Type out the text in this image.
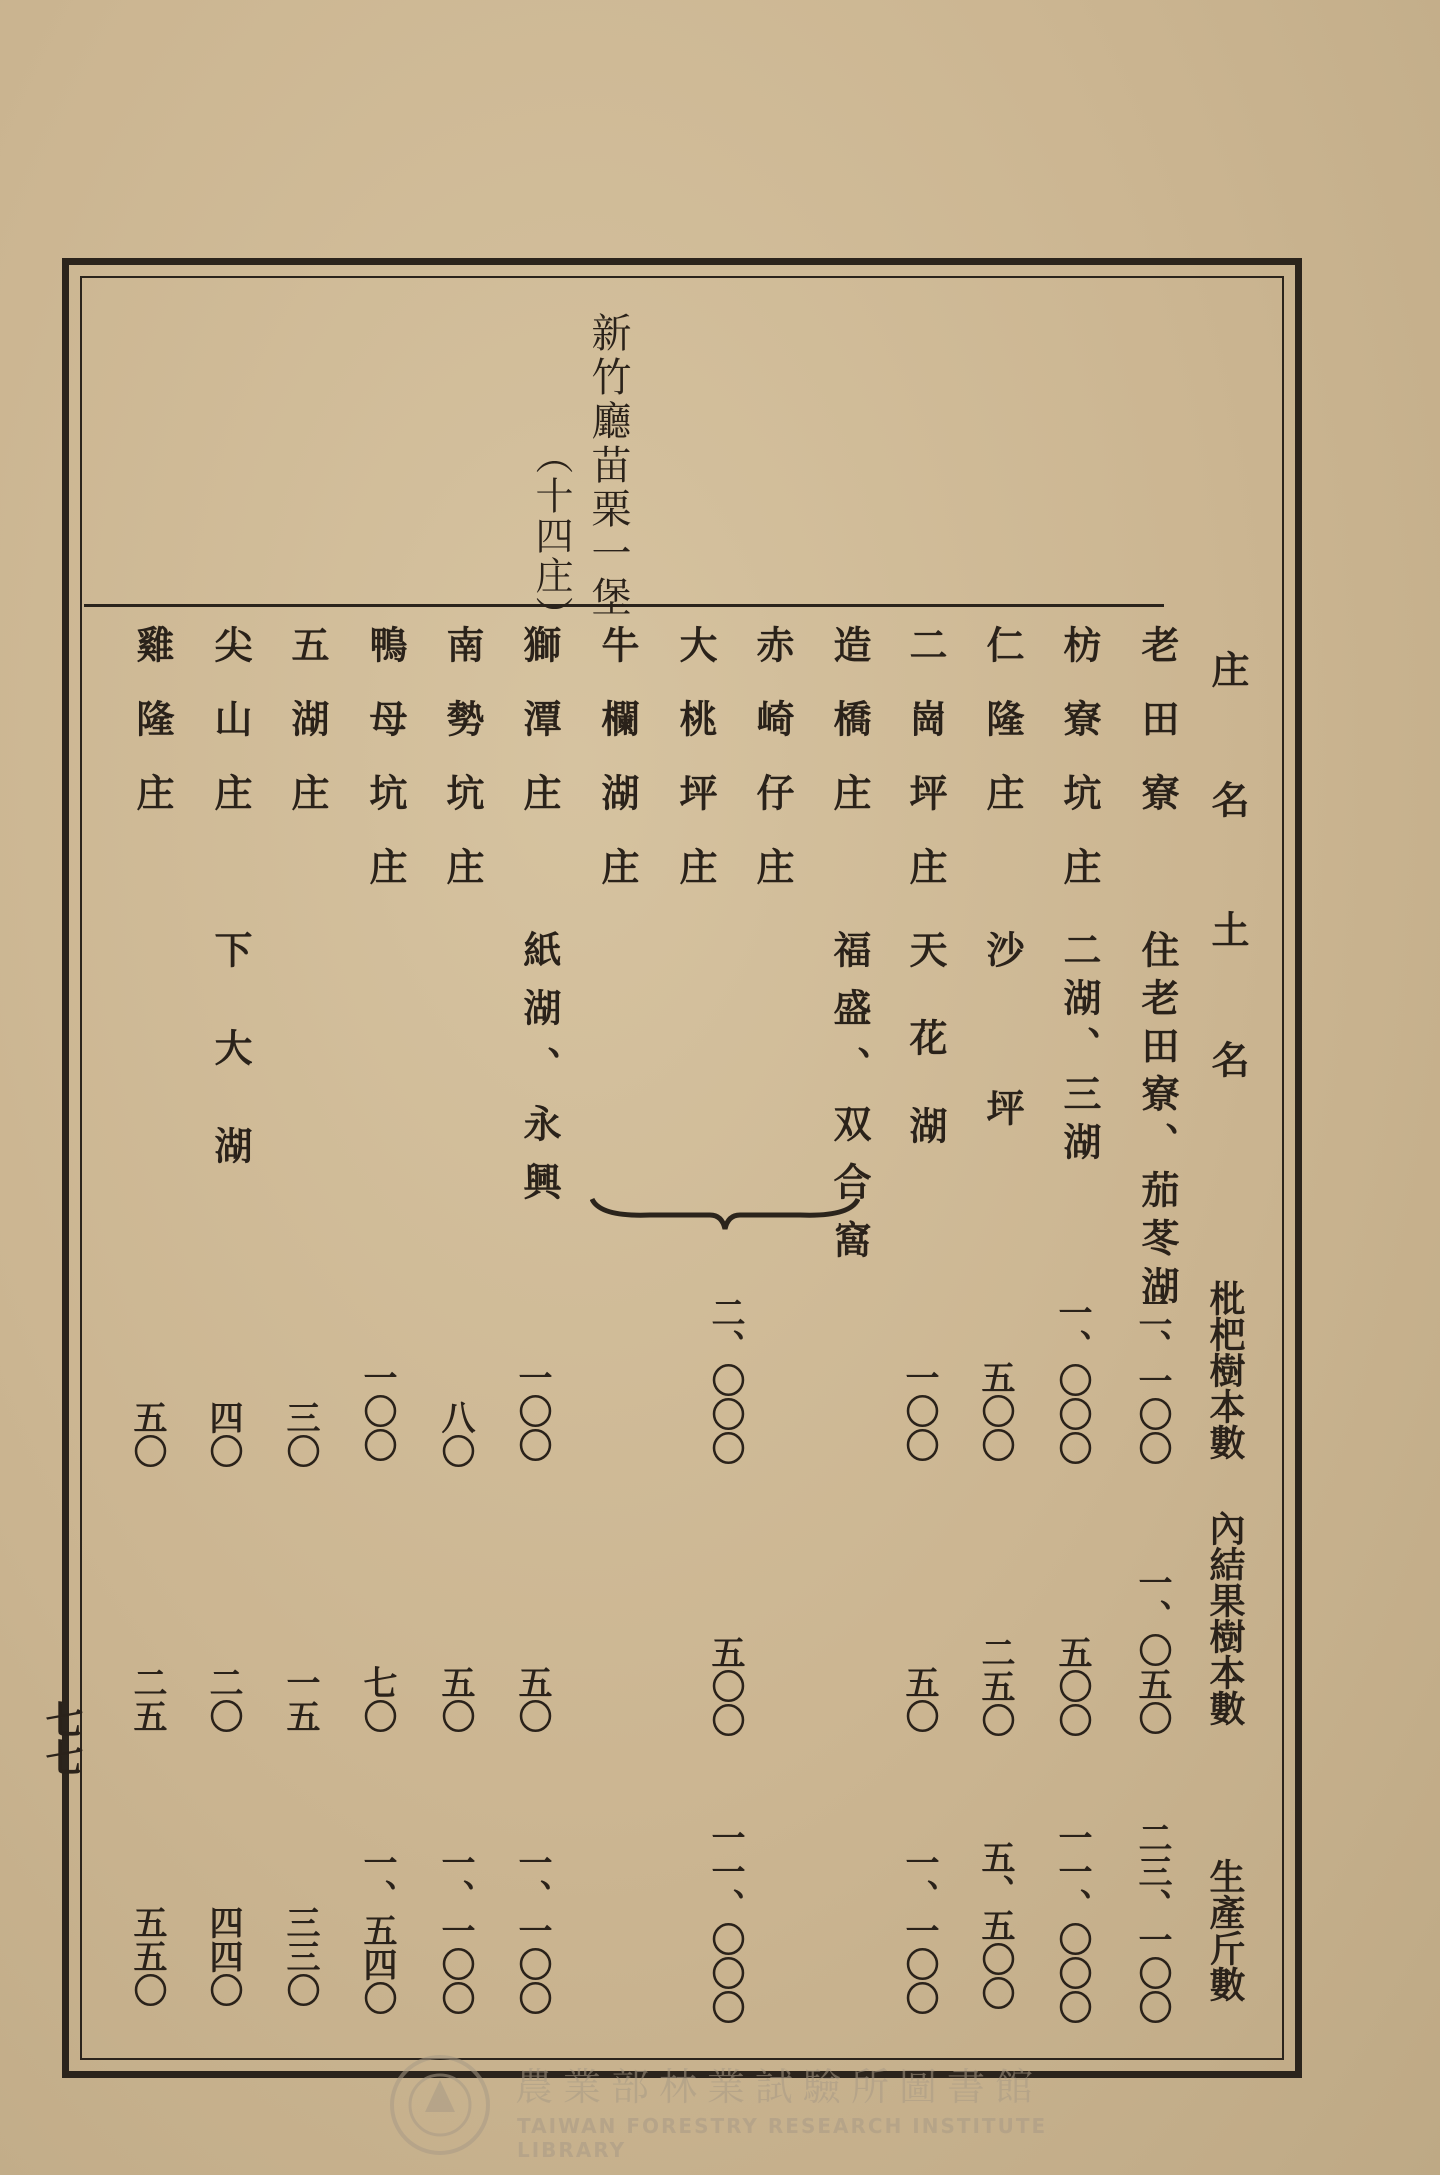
新竹廳苗栗一堡
（十四庄）
庄名土名
枇杷樹本數
內結果樹本數
生產斤數
老田寮
住老田寮、茄苳湖
二、一〇〇
一、〇五〇
二三、一〇〇
枋寮坑庄
二湖、三湖
一、〇〇〇
五〇〇
一一、〇〇〇
仁隆庄
沙坪
五〇〇
二五〇
五、五〇〇
二崗坪庄
天花湖
一〇〇
五〇
一、一〇〇
造橋庄
福盛、双合窩
赤崎仔庄
二、〇〇〇
五〇〇
一一、〇〇〇
大桃坪庄
牛欄湖庄
獅潭庄
紙湖、永興
一〇〇
五〇
一、一〇〇
南勢坑庄
八〇
五〇
一、一〇〇
鴨母坑庄
一〇〇
七〇
一、五四〇
五湖庄
三〇
一五
三三〇
尖山庄
下大湖
四〇
二〇
四四〇
雞隆庄
五〇
二五
五五〇
七七
農業部林業試驗所圖書館
TAIWAN FORESTRY RESEARCH INSTITUTE LIBRARY
